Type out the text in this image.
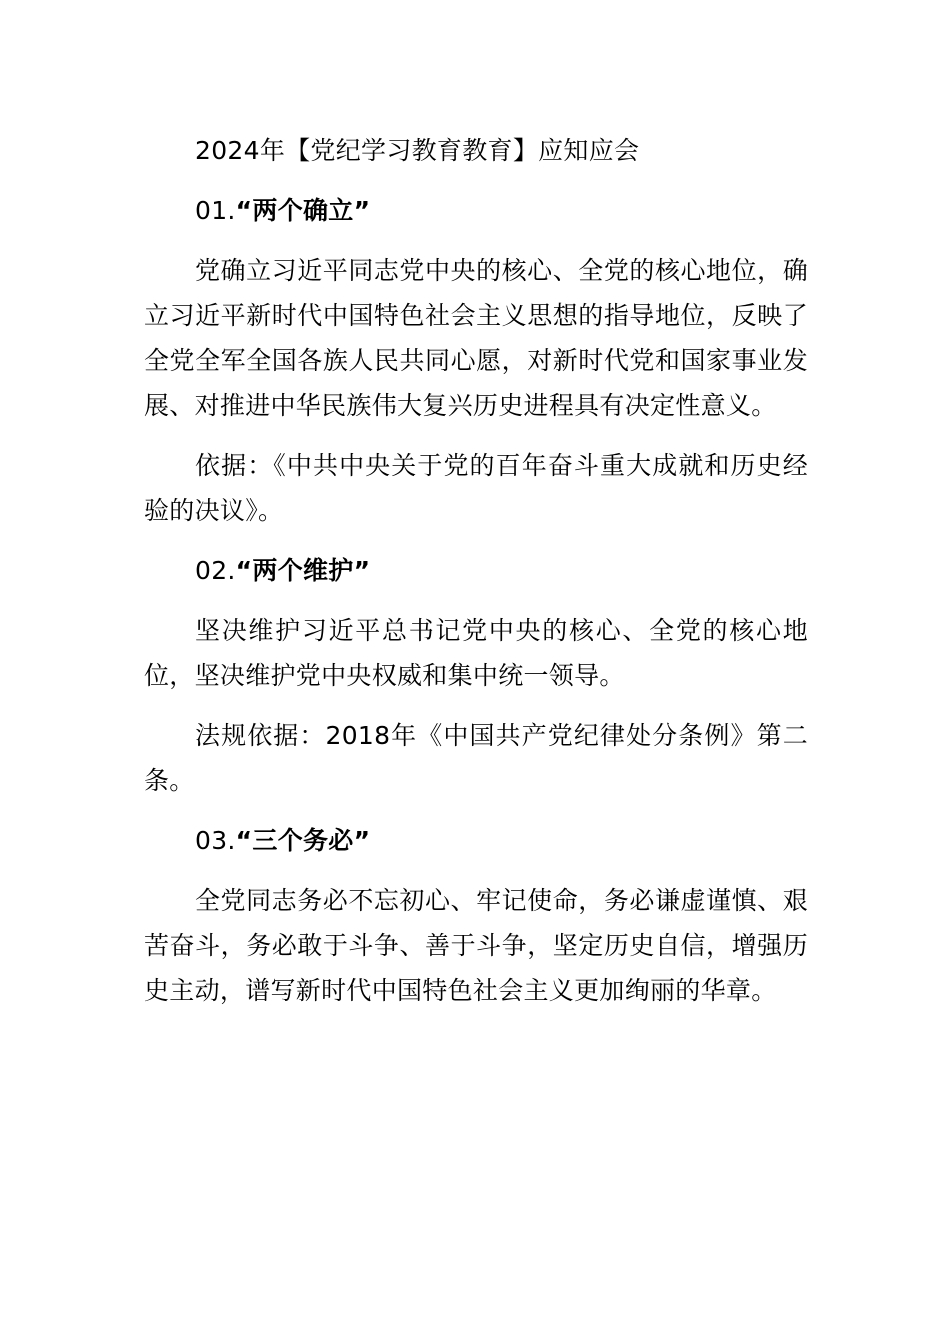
2024年【党纪学习教育教育】应知应会

01.“两个确立”

党确立习近平同志党中央的核心、全党的核心地位，确立习近平新时代中国特色社会主义思想的指导地位，反映了全党全军全国各族人民共同心愿，对新时代党和国家事业发展、对推进中华民族伟大复兴历史进程具有决定性意义。

依据：《中共中央关于党的百年奋斗重大成就和历史经验的决议》。

02.“两个维护”

坚决维护习近平总书记党中央的核心、全党的核心地位，坚决维护党中央权威和集中统一领导。

法规依据：2018年《中国共产党纪律处分条例》第二条。

03.“三个务必”

全党同志务必不忘初心、牢记使命，务必谦虚谨慎、艰苦奋斗，务必敢于斗争、善于斗争，坚定历史自信，增强历史主动，谱写新时代中国特色社会主义更加绚丽的华章。
